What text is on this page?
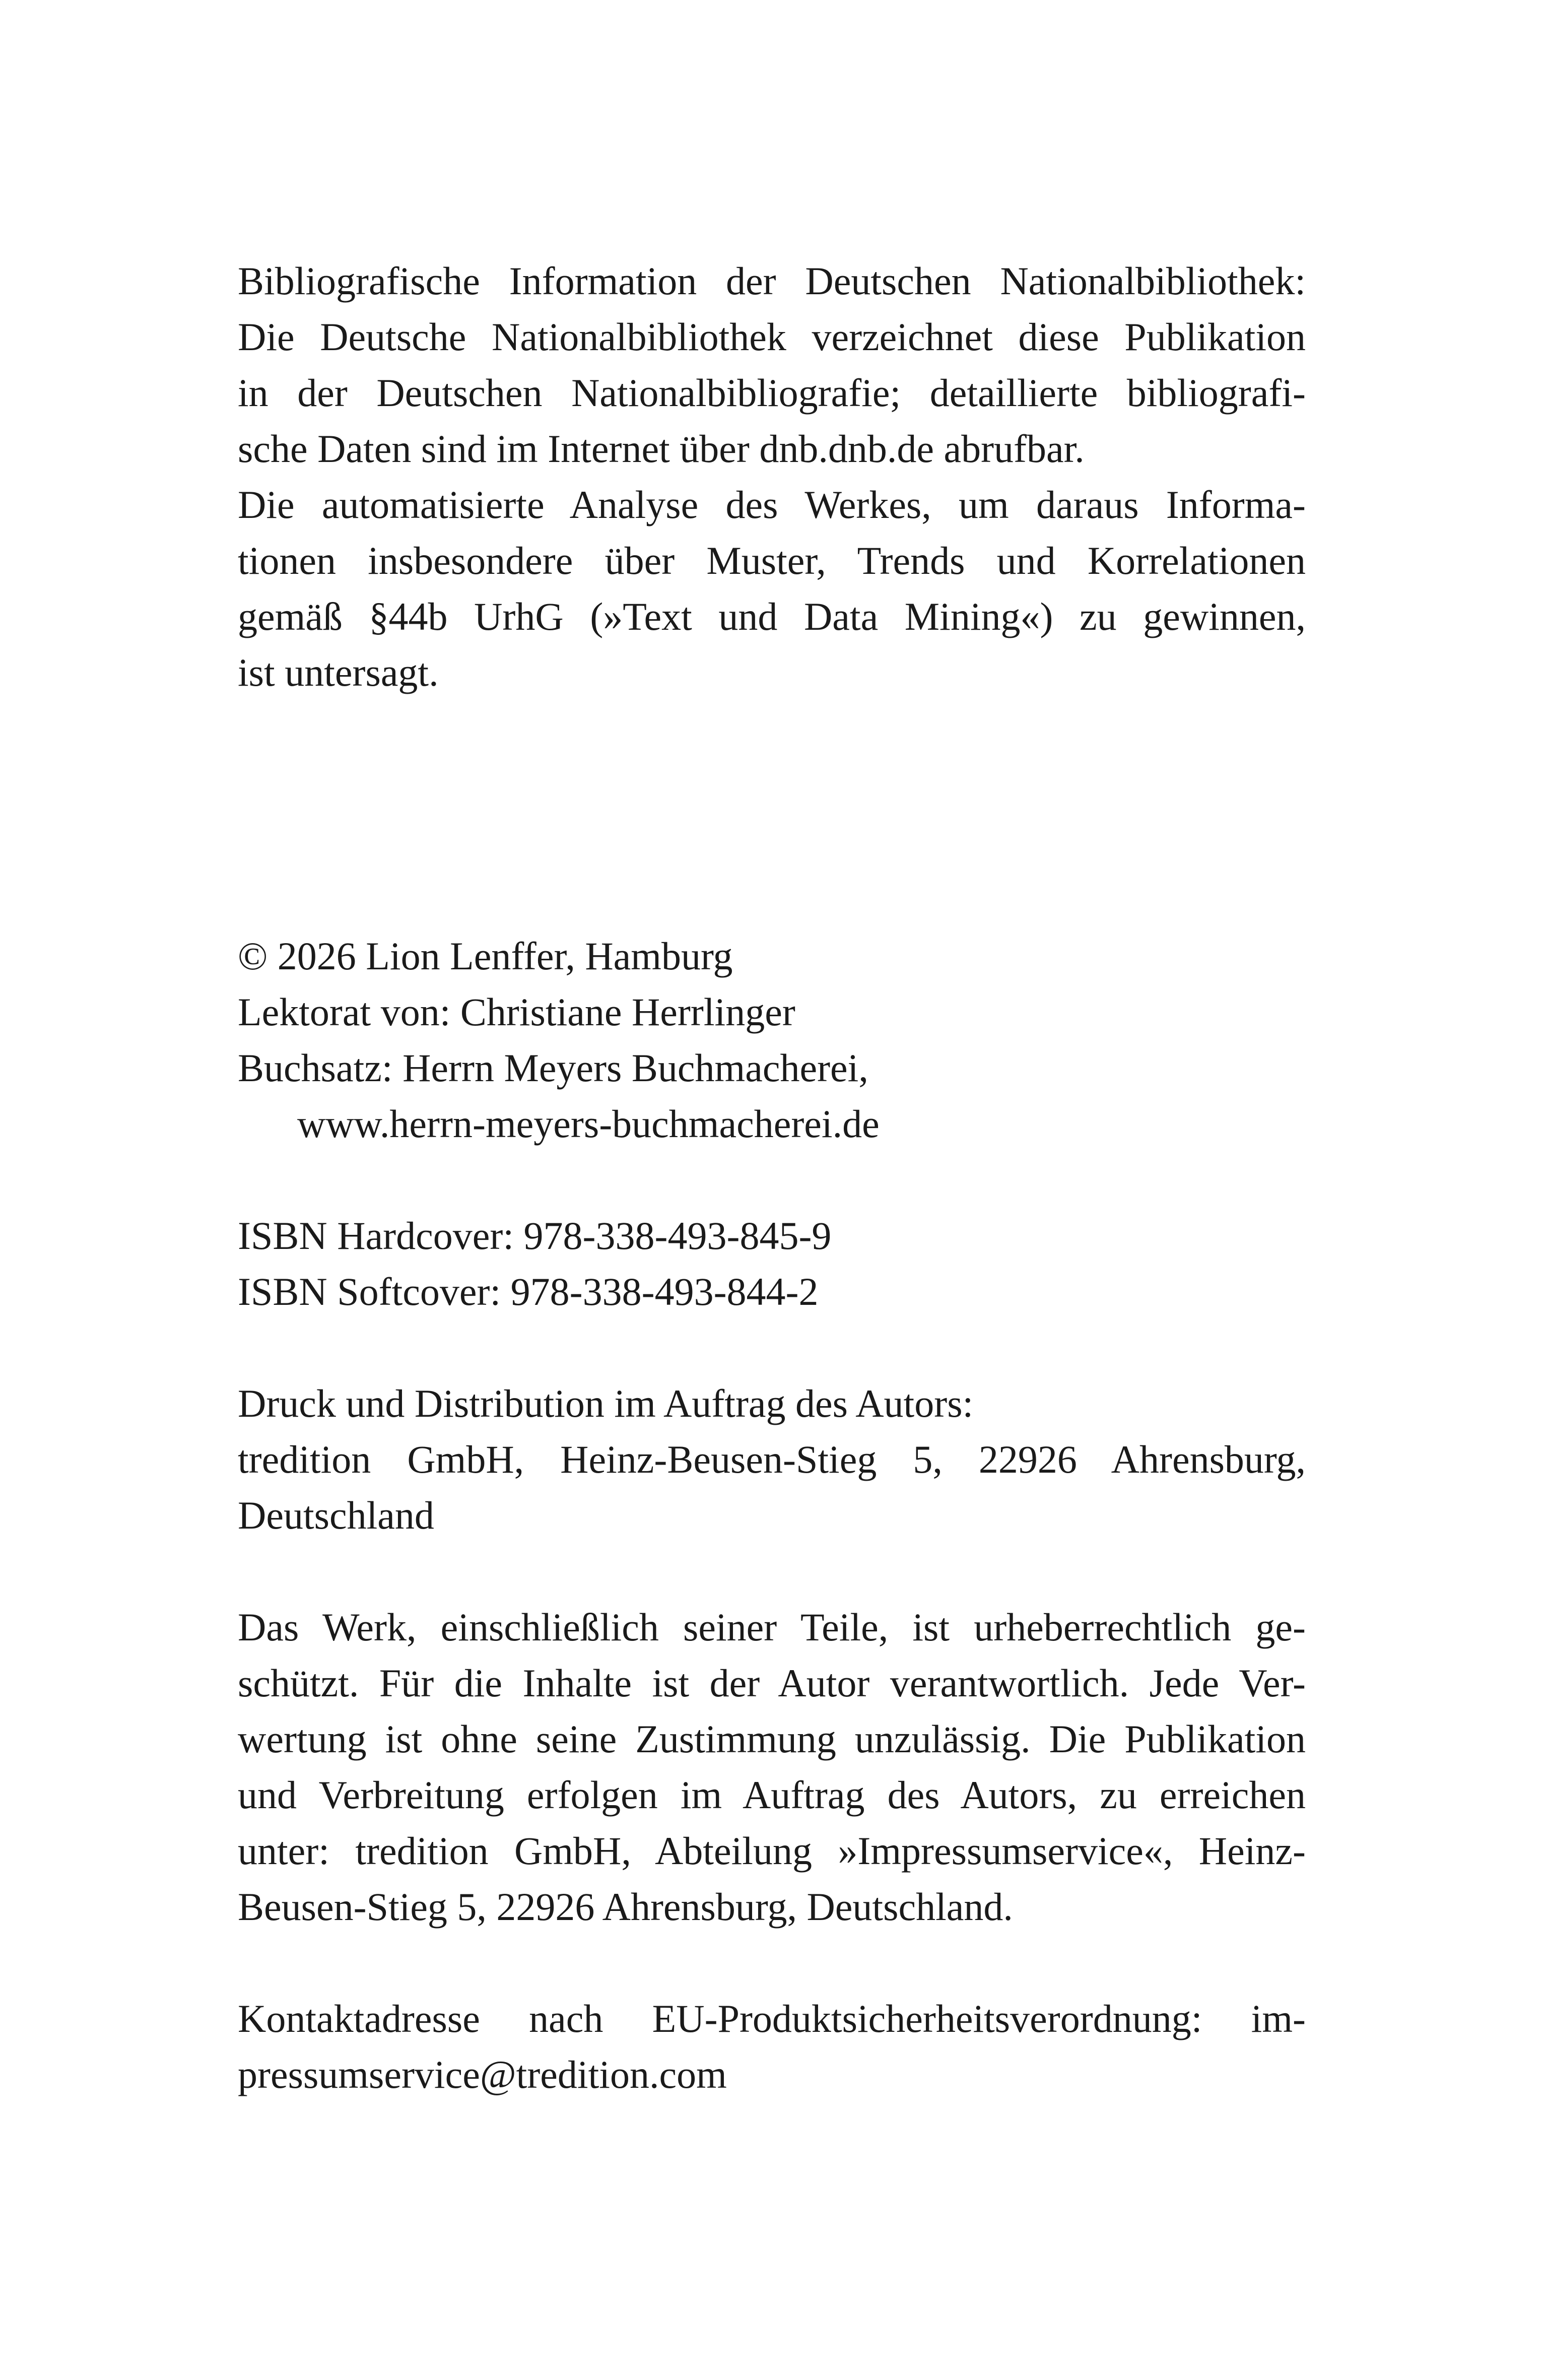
Bibliografische Information der Deutschen Nationalbibliothek:
Die Deutsche Nationalbibliothek verzeichnet diese Publikation
in der Deutschen Nationalbibliografie; detaillierte bibliografi-
sche Daten sind im Internet über dnb.dnb.de abrufbar.
Die automatisierte Analyse des Werkes, um daraus Informa-
tionen insbesondere über Muster, Trends und Korrelationen
gemäß §44b UrhG (»Text und Data Mining«) zu gewinnen,
ist untersagt.
© 2026 Lion Lenffer, Hamburg
Lektorat von: Christiane Herrlinger
Buchsatz: Herrn Meyers Buchmacherei,
www.herrn-meyers-buchmacherei.de
ISBN Hardcover: 978-338-493-845-9
ISBN Softcover: 978-338-493-844-2
Druck und Distribution im Auftrag des Autors:
tredition GmbH, Heinz-Beusen-Stieg 5, 22926 Ahrensburg,
Deutschland
Das Werk, einschließlich seiner Teile, ist urheberrechtlich ge-
schützt. Für die Inhalte ist der Autor verantwortlich. Jede Ver-
wertung ist ohne seine Zustimmung unzulässig. Die Publikation
und Verbreitung erfolgen im Auftrag des Autors, zu erreichen
unter: tredition GmbH, Abteilung »Impressumservice«, Heinz-
Beusen-Stieg 5, 22926 Ahrensburg, Deutschland.
Kontaktadresse nach EU-Produktsicherheitsverordnung: im-
pressumservice@tredition.com
